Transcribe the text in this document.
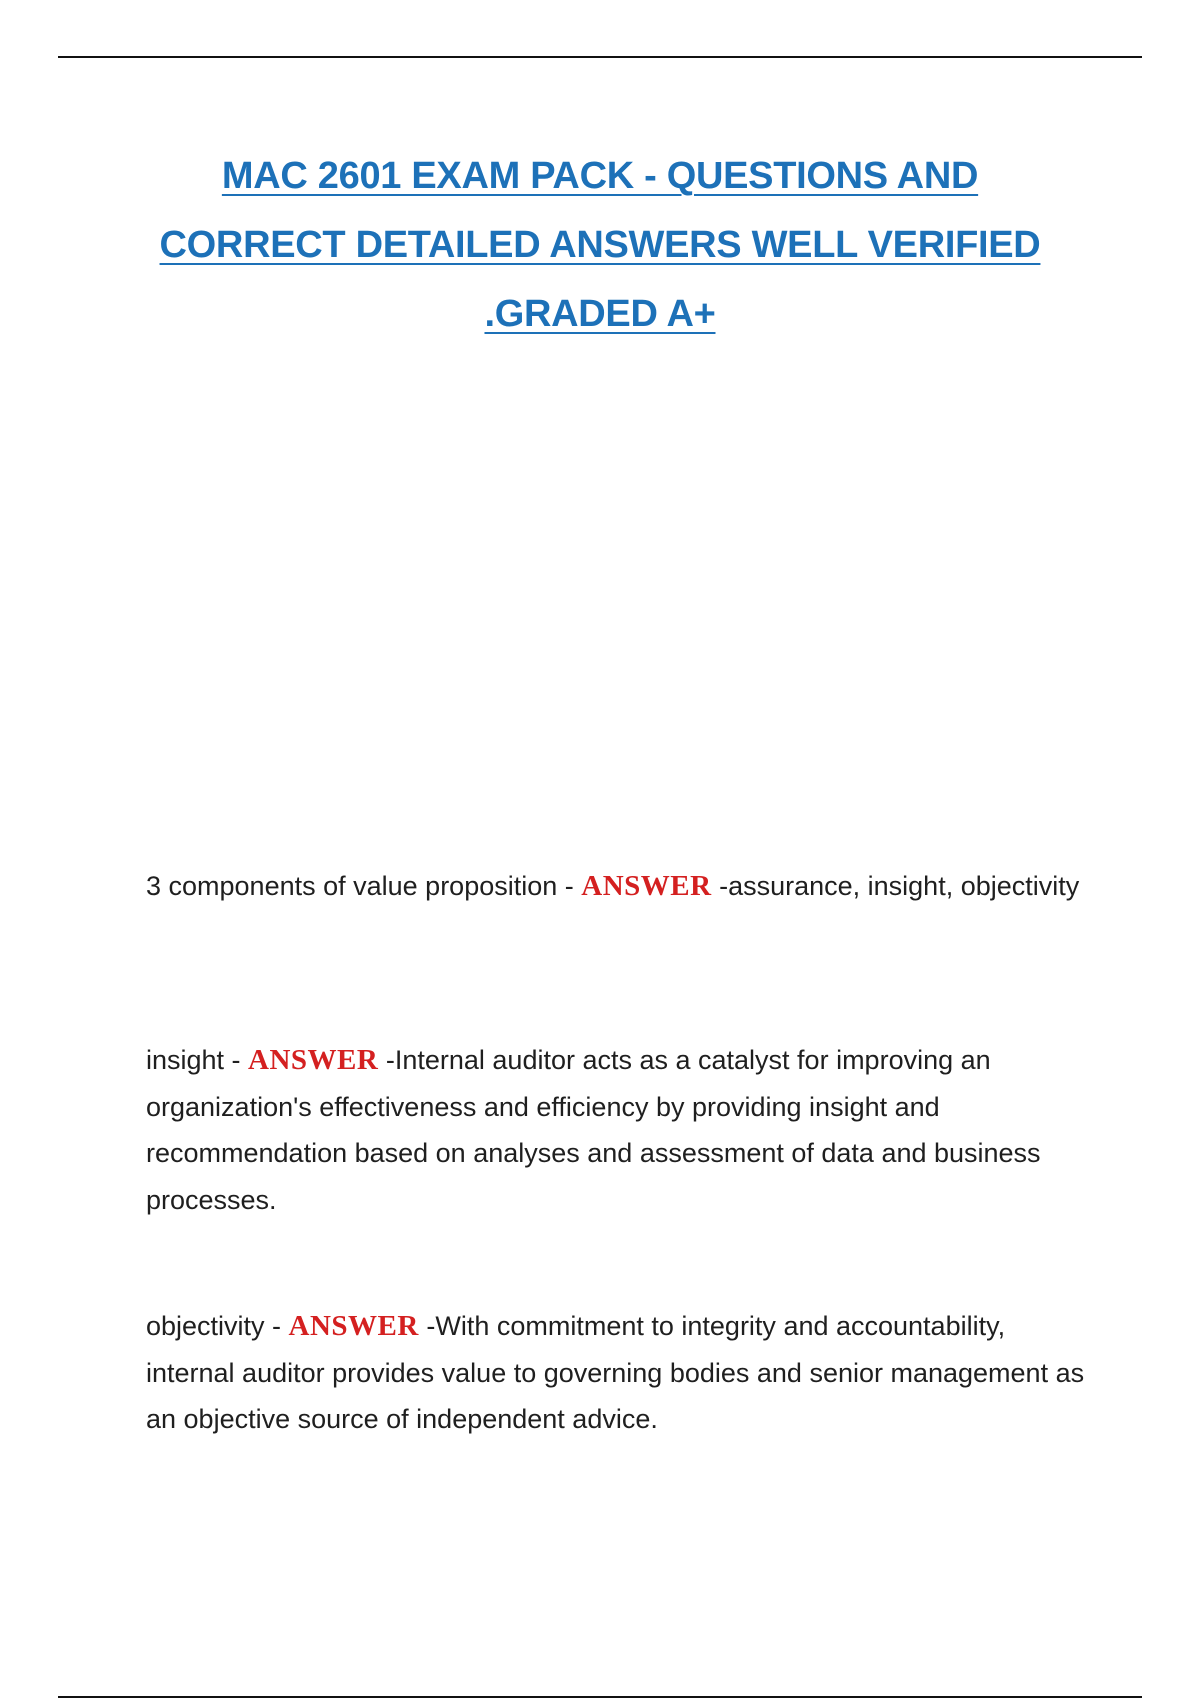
MAC 2601 EXAM PACK - QUESTIONS AND
CORRECT DETAILED ANSWERS WELL VERIFIED
.GRADED A+
3 components of value proposition - ANSWER -assurance, insight, objectivity
insight - ANSWER -Internal auditor acts as a catalyst for improving an organization's effectiveness and efficiency by providing insight and recommendation based on analyses and assessment of data and business processes.
objectivity - ANSWER -With commitment to integrity and accountability, internal auditor provides value to governing bodies and senior management as an objective source of independent advice.
